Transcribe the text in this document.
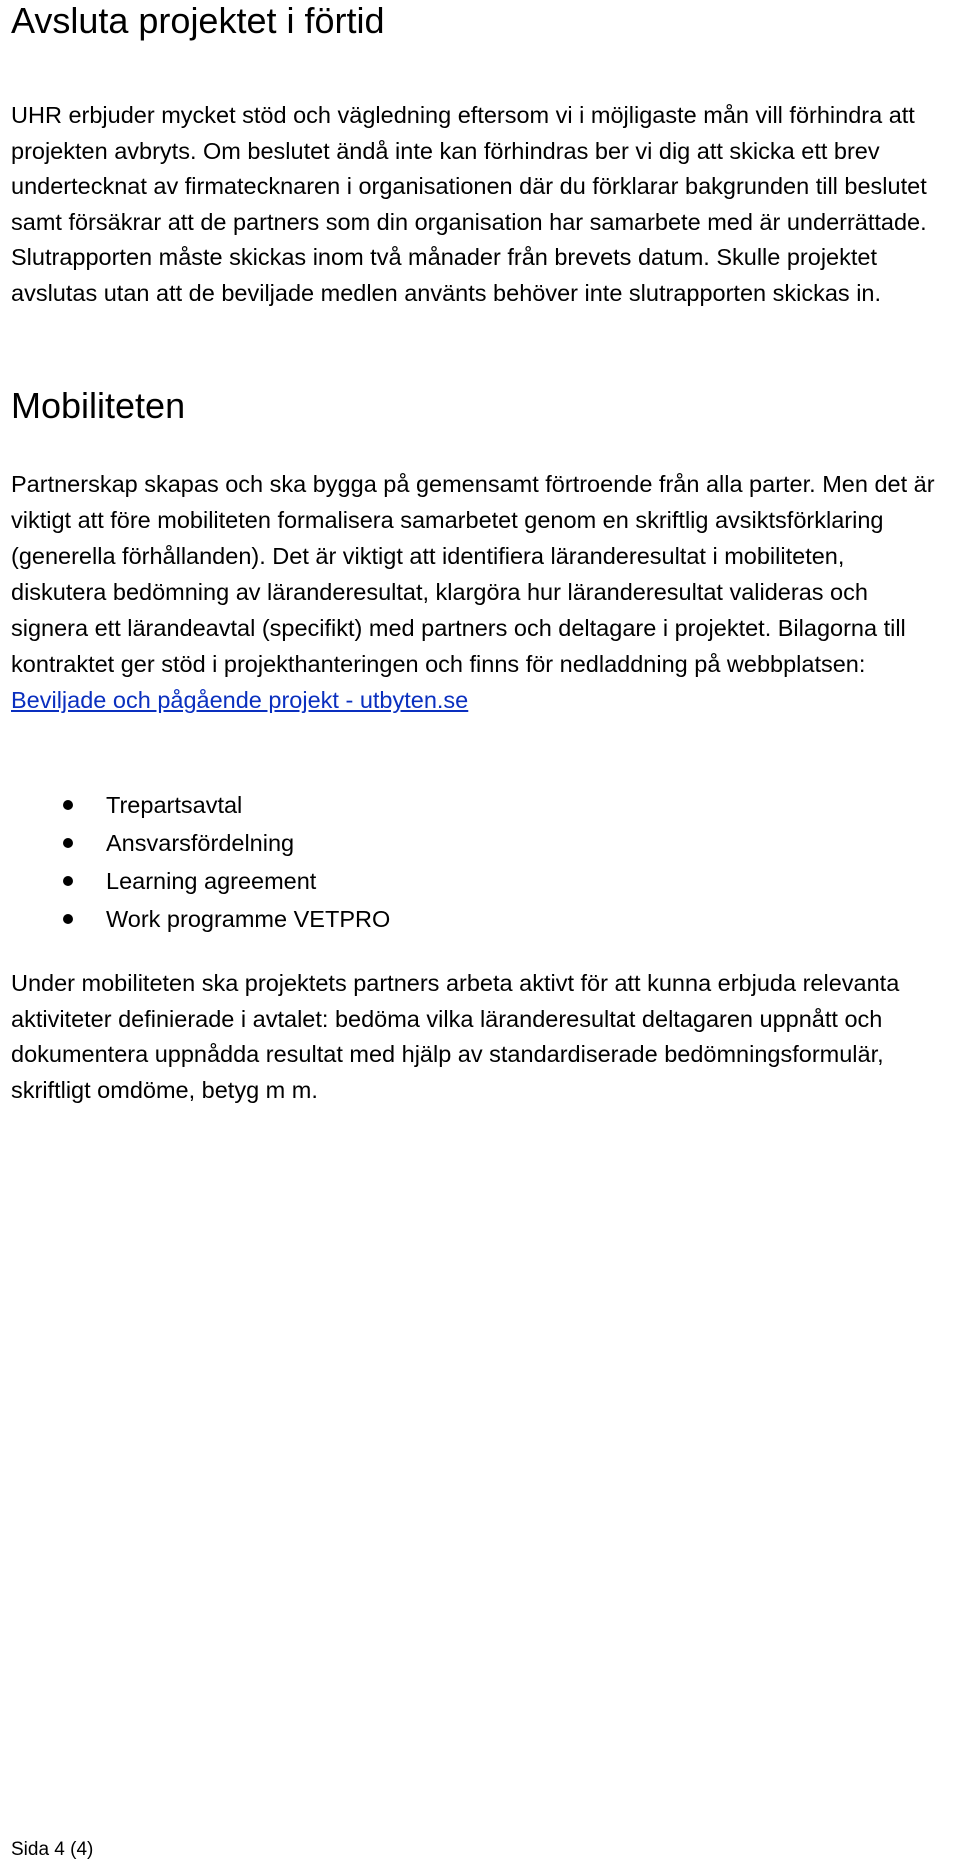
Avsluta projektet i förtid

UHR erbjuder mycket stöd och vägledning eftersom vi i möjligaste mån vill förhindra att projekten avbryts. Om beslutet ändå inte kan förhindras ber vi dig att skicka ett brev undertecknat av firmatecknaren i organisationen där du förklarar bakgrunden till beslutet samt försäkrar att de partners som din organisation har samarbete med är underrättade. Slutrapporten måste skickas inom två månader från brevets datum. Skulle projektet avslutas utan att de beviljade medlen använts behöver inte slutrapporten skickas in.

Mobiliteten

Partnerskap skapas och ska bygga på gemensamt förtroende från alla parter. Men det är viktigt att före mobiliteten formalisera samarbetet genom en skriftlig avsiktsförklaring (generella förhållanden). Det är viktigt att identifiera läranderesultat i mobiliteten, diskutera bedömning av läranderesultat, klargöra hur läranderesultat valideras och signera ett lärandeavtal (specifikt) med partners och deltagare i projektet. Bilagorna till kontraktet ger stöd i projekthanteringen och finns för nedladdning på webbplatsen: Beviljade och pågående projekt - utbyten.se

Trepartsavtal
Ansvarsfördelning
Learning agreement
Work programme VETPRO

Under mobiliteten ska projektets partners arbeta aktivt för att kunna erbjuda relevanta aktiviteter definierade i avtalet: bedöma vilka läranderesultat deltagaren uppnått och dokumentera uppnådda resultat med hjälp av standardiserade bedömningsformulär, skriftligt omdöme, betyg m m.

Sida 4 (4)
